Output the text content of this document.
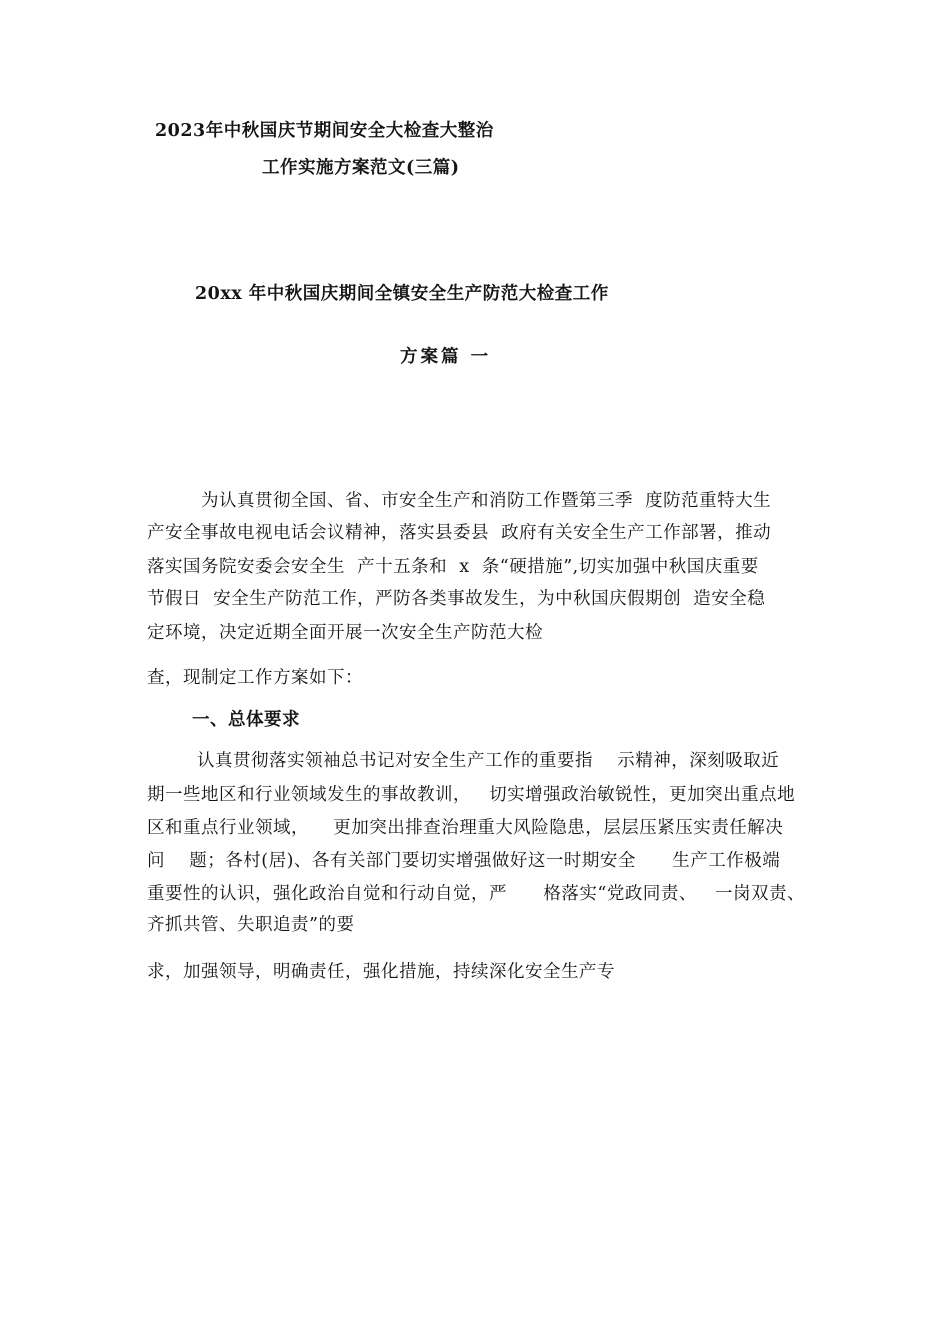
2023年中秋国庆节期间安全大检查大整治
工作实施方案范文(三篇)
20xx 年中秋国庆期间全镇安全生产防范大检查工作
方案篇 一
为认真贯彻全国、省、市安全生产和消防工作暨第三季  度防范重特大生
产安全事故电视电话会议精神，落实县委县  政府有关安全生产工作部署，推动
落实国务院安委会安全生  产十五条和  x  条“硬措施”,切实加强中秋国庆重要
节假日  安全生产防范工作，严防各类事故发生，为中秋国庆假期创  造安全稳
定环境，决定近期全面开展一次安全生产防范大检
查，现制定工作方案如下：
一、总体要求
认真贯彻落实领袖总书记对安全生产工作的重要指    示精神，深刻吸取近
期一些地区和行业领域发生的事故教训，   切实增强政治敏锐性，更加突出重点地
区和重点行业领域，    更加突出排查治理重大风险隐患，层层压紧压实责任解决
问    题；各村(居)、各有关部门要切实增强做好这一时期安全      生产工作极端
重要性的认识，强化政治自觉和行动自觉，严      格落实“党政同责、   一岗双责、
齐抓共管、失职追责”的要
求，加强领导，明确责任，强化措施，持续深化安全生产专
